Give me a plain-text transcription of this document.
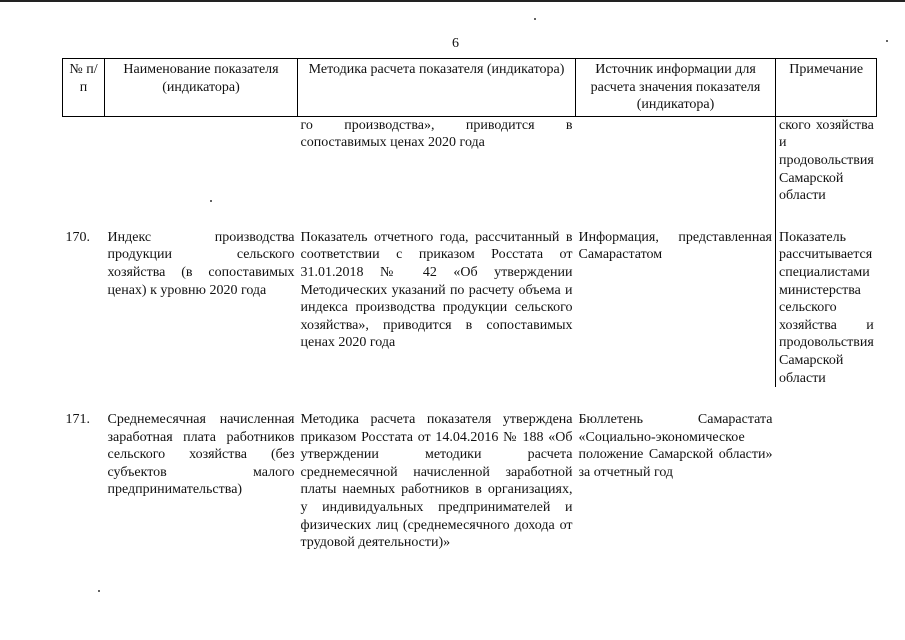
6
№ п/п	Наименование показателя (индикатора)	Методика расчета показателя (индикатора)	Источник информации для расчета значения показателя (индикатора)	Примечание
		го производства», приводится в сопоставимых ценах 2020 года		ского хозяйства и продовольствия Самарской области

170.	Индекс производства продукции сельского хозяйства (в сопоставимых ценах) к уровню 2020 года	Показатель отчетного года, рассчитанный в соответствии с приказом Росстата от 31.01.2018 № 42 «Об утверждении Методических указаний по расчету объема и индекса производства продукции сельского хозяйства», приводится в сопоставимых ценах 2020 года	Информация, представленная Самарастатом	Показатель рассчитывается специалистами министерства сельского хозяйства и продовольствия Самарской области

171.	Среднемесячная начисленная заработная плата работников сельского хозяйства (без субъектов малого предпринимательства)	Методика расчета показателя утверждена приказом Росстата от 14.04.2016 № 188 «Об утверждении методики расчета среднемесячной начисленной заработной платы наемных работников в организациях, у индивидуальных предпринимателей и физических лиц (среднемесячного дохода от трудовой деятельности)»	Бюллетень Самарастата «Социально-экономическое положение Самарской области» за отчетный год	
